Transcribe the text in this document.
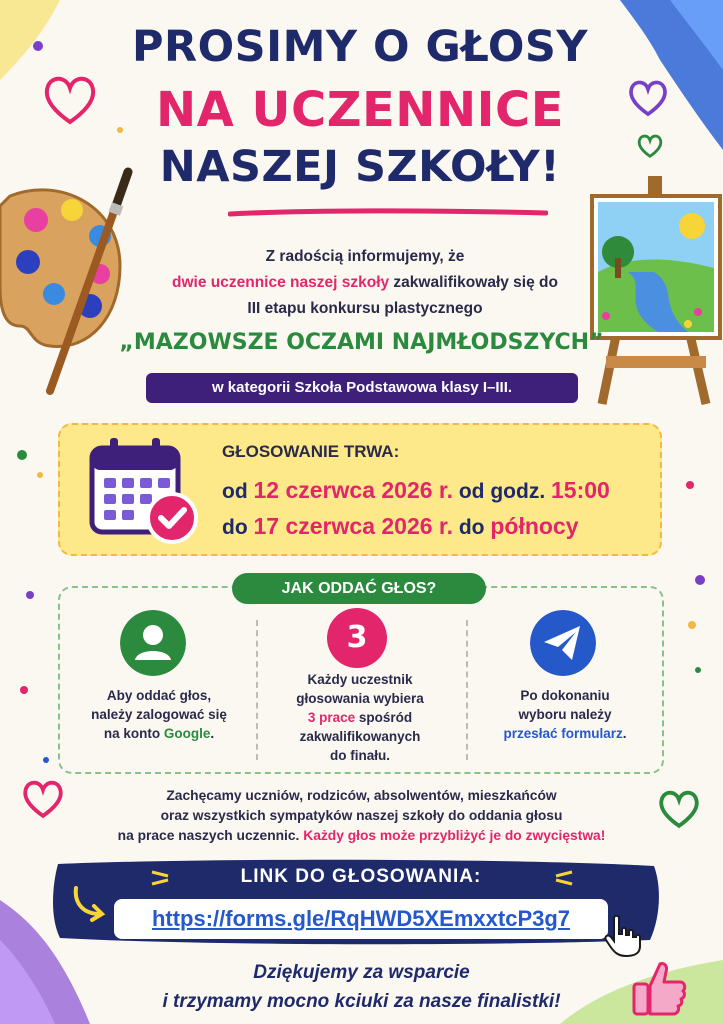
PROSIMY O GŁOSY
NA UCZENNICE
NASZEJ SZKOŁY!
Z radością informujemy, że
dwie uczennice naszej szkoły zakwalifikowały się do
III etapu konkursu plastycznego
„MAZOWSZE OCZAMI NAJMŁODSZYCH”
w kategorii Szkoła Podstawowa klasy I–III.
GŁOSOWANIE TRWA:
od 12 czerwca 2026 r. od godz. 15:00
do 17 czerwca 2026 r. do północy
JAK ODDAĆ GŁOS?
Aby oddać głos,
należy zalogować się
na konto Google.
3
Każdy uczestnik
głosowania wybiera
3 prace spośród
zakwalifikowanych
do finału.
Po dokonaniu
wyboru należy
przesłać formularz.
Zachęcamy uczniów, rodziców, absolwentów, mieszkańców
oraz wszystkich sympatyków naszej szkoły do oddania głosu
na prace naszych uczennic. Każdy głos może przybliżyć je do zwycięstwa!
LINK DO GŁOSOWANIA:
https://forms.gle/RqHWD5XEmxxtcP3g7
Dziękujemy za wsparcie
i trzymamy mocno kciuki za nasze finalistki!
